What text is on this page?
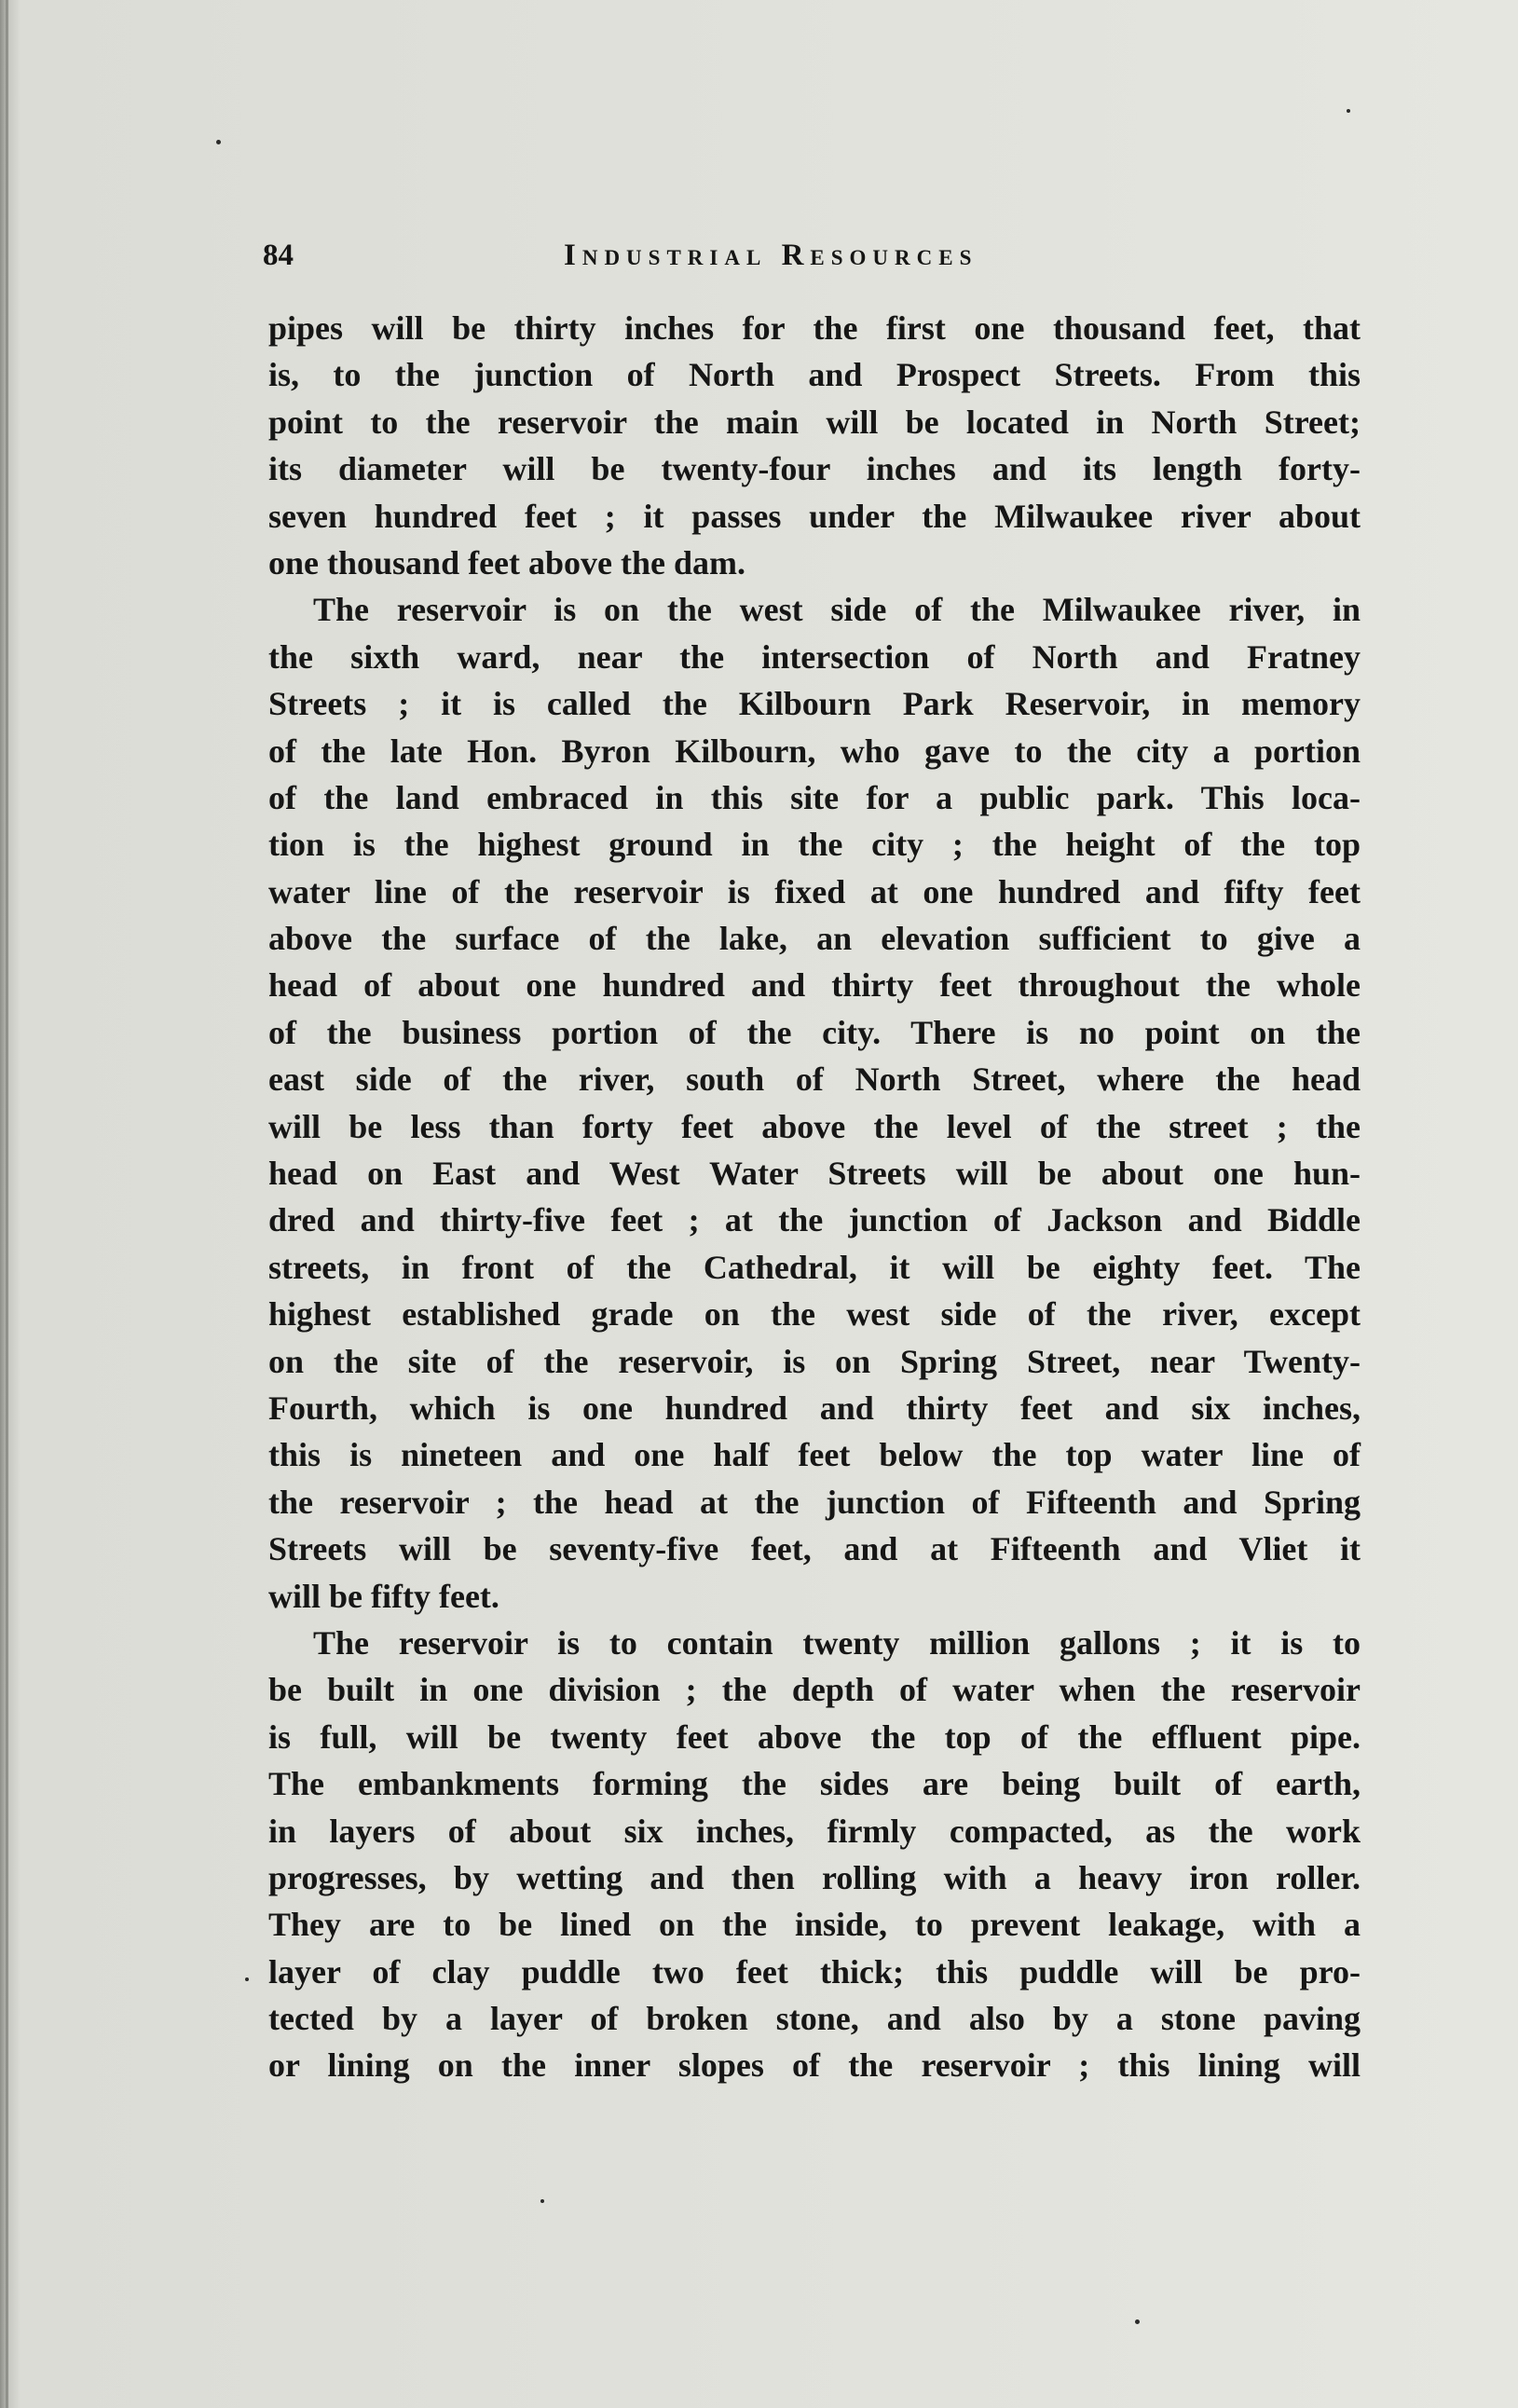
84	Industrial Resources
pipes will be thirty inches for the first one thousand feet, that
is, to the junction of North and Prospect Streets. From this
point to the reservoir the main will be located in North Street;
its diameter will be twenty-four inches and its length forty-
seven hundred feet ; it passes under the Milwaukee river about
one thousand feet above the dam.
The reservoir is on the west side of the Milwaukee river, in
the sixth ward, near the intersection of North and Fratney
Streets ; it is called the Kilbourn Park Reservoir, in memory
of the late Hon. Byron Kilbourn, who gave to the city a portion
of the land embraced in this site for a public park. This loca-
tion is the highest ground in the city ; the height of the top
water line of the reservoir is fixed at one hundred and fifty feet
above the surface of the lake, an elevation sufficient to give a
head of about one hundred and thirty feet throughout the whole
of the business portion of the city. There is no point on the
east side of the river, south of North Street, where the head
will be less than forty feet above the level of the street ; the
head on East and West Water Streets will be about one hun-
dred and thirty-five feet ; at the junction of Jackson and Biddle
streets, in front of the Cathedral, it will be eighty feet. The
highest established grade on the west side of the river, except
on the site of the reservoir, is on Spring Street, near Twenty-
Fourth, which is one hundred and thirty feet and six inches,
this is nineteen and one half feet below the top water line of
the reservoir ; the head at the junction of Fifteenth and Spring
Streets will be seventy-five feet, and at Fifteenth and Vliet it
will be fifty feet.
The reservoir is to contain twenty million gallons ; it is to
be built in one division ; the depth of water when the reservoir
is full, will be twenty feet above the top of the effluent pipe.
The embankments forming the sides are being built of earth,
in layers of about six inches, firmly compacted, as the work
progresses, by wetting and then rolling with a heavy iron roller.
They are to be lined on the inside, to prevent leakage, with a
layer of clay puddle two feet thick; this puddle will be pro-
tected by a layer of broken stone, and also by a stone paving
or lining on the inner slopes of the reservoir ; this lining will
